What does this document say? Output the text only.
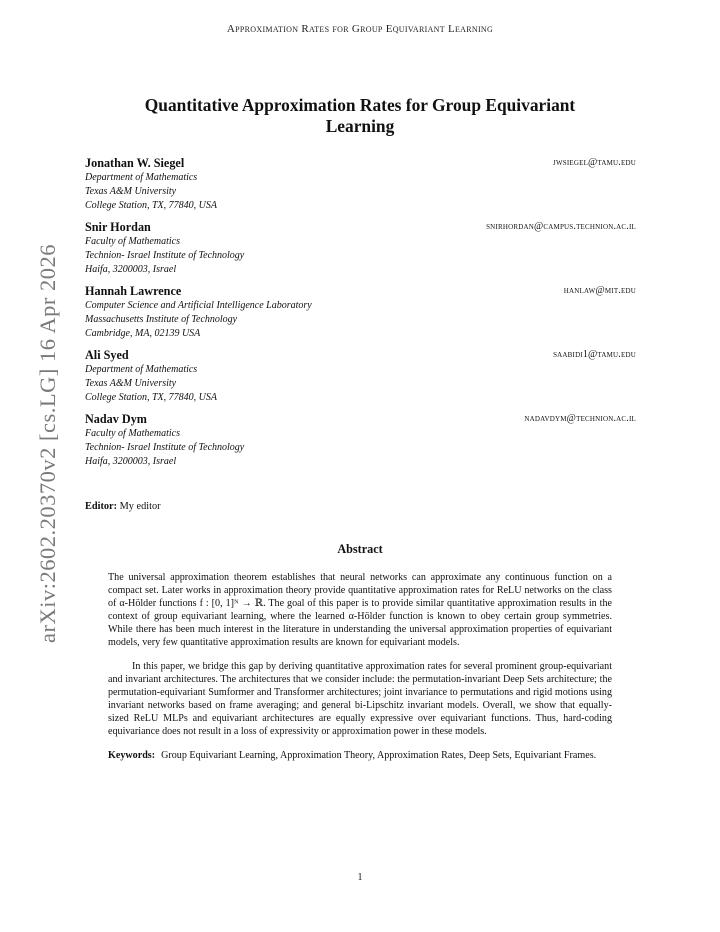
Approximation Rates for Group Equivariant Learning
arXiv:2602.20370v2 [cs.LG] 16 Apr 2026
Quantitative Approximation Rates for Group Equivariant Learning
Jonathan W. Siegel	jwsiegel@tamu.edu
Department of Mathematics
Texas A&M University
College Station, TX, 77840, USA
Snir Hordan	snirhordan@campus.technion.ac.il
Faculty of Mathematics
Technion- Israel Institute of Technology
Haifa, 3200003, Israel
Hannah Lawrence	hanlaw@mit.edu
Computer Science and Artificial Intelligence Laboratory
Massachusetts Institute of Technology
Cambridge, MA, 02139 USA
Ali Syed	saabidi1@tamu.edu
Department of Mathematics
Texas A&M University
College Station, TX, 77840, USA
Nadav Dym	nadavdym@technion.ac.il
Faculty of Mathematics
Technion- Israel Institute of Technology
Haifa, 3200003, Israel
Editor: My editor
Abstract

The universal approximation theorem establishes that neural networks can approximate any continuous function on a compact set. Later works in approximation theory provide quantitative approximation rates for ReLU networks on the class of α-Hölder functions f : [0, 1]ᴺ → ℝ. The goal of this paper is to provide similar quantitative approximation results in the context of group equivariant learning, where the learned α-Hölder function is known to obey certain group symmetries. While there has been much interest in the literature in understanding the universal approximation properties of equivariant models, very few quantitative approximation results are known for equivariant models.

In this paper, we bridge this gap by deriving quantitative approximation rates for several prominent group-equivariant and invariant architectures. The architectures that we consider include: the permutation-invariant Deep Sets architecture; the permutation-equivariant Sumformer and Transformer architectures; joint invariance to permutations and rigid motions using invariant networks based on frame averaging; and general bi-Lipschitz invariant models. Overall, we show that equally-sized ReLU MLPs and equivariant architectures are equally expressive over equivariant functions. Thus, hard-coding equivariance does not result in a loss of expressivity or approximation power in these models.

Keywords: Group Equivariant Learning, Approximation Theory, Approximation Rates, Deep Sets, Equivariant Frames.
1
